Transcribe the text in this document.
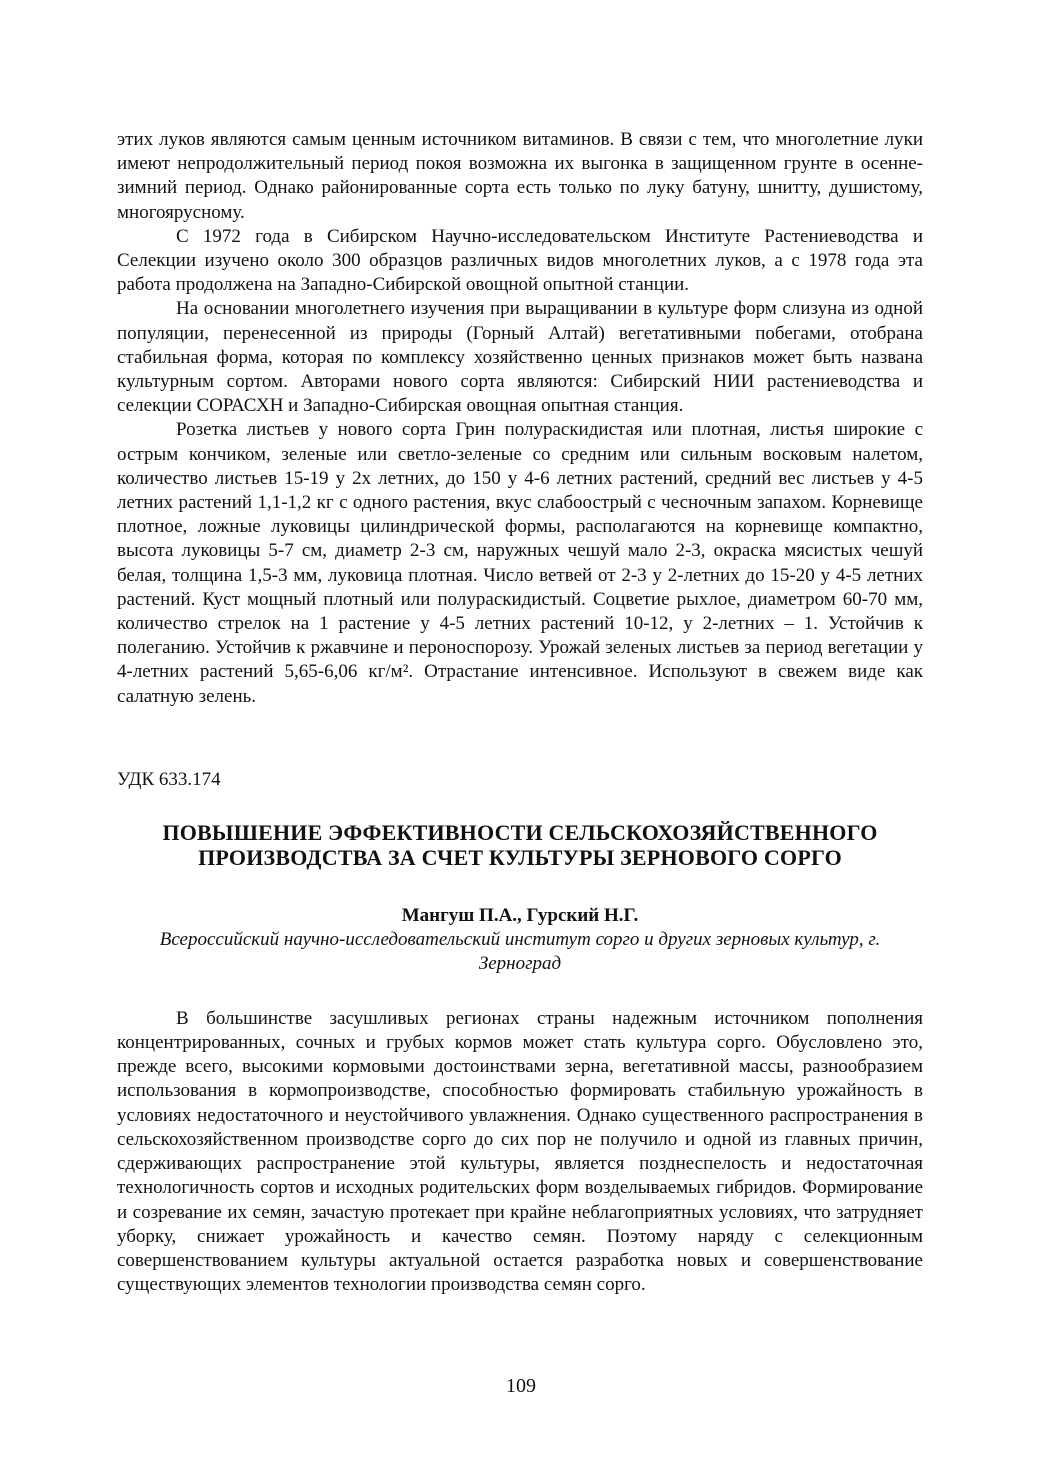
этих луков являются самым ценным источником витаминов. В связи с тем, что многолетние луки имеют непродолжительный период покоя возможна их выгонка в защищенном грунте в осенне-зимний период. Однако районированные сорта есть только по луку батуну, шнитту, душистому, многоярусному.

С 1972 года в Сибирском Научно-исследовательском Институте Растениеводства и Селекции изучено около 300 образцов различных видов многолетних луков, а с 1978 года эта работа продолжена на Западно-Сибирской овощной опытной станции.

На основании многолетнего изучения при выращивании в культуре форм слизуна из одной популяции, перенесенной из природы (Горный Алтай) вегетативными побегами, отобрана стабильная форма, которая по комплексу хозяйственно ценных признаков может быть названа культурным сортом. Авторами нового сорта являются: Сибирский НИИ растениеводства и селекции СОРАСХН и Западно-Сибирская овощная опытная станция.

Розетка листьев у нового сорта Грин полураскидистая или плотная, листья широкие с острым кончиком, зеленые или светло-зеленые со средним или сильным восковым налетом, количество листьев 15-19 у 2х летних, до 150 у 4-6 летних растений, средний вес листьев у 4-5 летних растений 1,1-1,2 кг с одного растения, вкус слабоострый с чесночным запахом. Корневище плотное, ложные луковицы цилиндрической формы, располагаются на корневище компактно, высота луковицы 5-7 см, диаметр 2-3 см, наружных чешуй мало 2-3, окраска мясистых чешуй белая, толщина 1,5-3 мм, луковица плотная. Число ветвей от 2-3 у 2-летних до 15-20 у 4-5 летних растений. Куст мощный плотный или полураскидистый. Соцветие рыхлое, диаметром 60-70 мм, количество стрелок на 1 растение у 4-5 летних растений 10-12, у 2-летних – 1. Устойчив к полеганию. Устойчив к ржавчине и пероноспорозу. Урожай зеленых листьев за период вегетации у 4-летних растений 5,65-6,06 кг/м². Отрастание интенсивное. Используют в свежем виде как салатную зелень.

УДК 633.174
ПОВЫШЕНИЕ ЭФФЕКТИВНОСТИ СЕЛЬСКОХОЗЯЙСТВЕННОГО
ПРОИЗВОДСТВА ЗА СЧЕТ КУЛЬТУРЫ ЗЕРНОВОГО СОРГО
Мангуш П.А., Гурский Н.Г.
Всероссийский научно-исследовательский институт сорго и других зерновых культур, г. Зерноград

В большинстве засушливых регионах страны надежным источником пополнения концентрированных, сочных и грубых кормов может стать культура сорго. Обусловлено это, прежде всего, высокими кормовыми достоинствами зерна, вегетативной массы, разнообразием использования в кормопроизводстве, способностью формировать стабильную урожайность в условиях недостаточного и неустойчивого увлажнения. Однако существенного распространения в сельскохозяйственном производстве сорго до сих пор не получило и одной из главных причин, сдерживающих распространение этой культуры, является позднеспелость и недостаточная технологичность сортов и исходных родительских форм возделываемых гибридов. Формирование и созревание их семян, зачастую протекает при крайне неблагоприятных условиях, что затрудняет уборку, снижает урожайность и качество семян. Поэтому наряду с селекционным совершенствованием культуры актуальной остается разработка новых и совершенствование существующих элементов технологии производства семян сорго.

109
